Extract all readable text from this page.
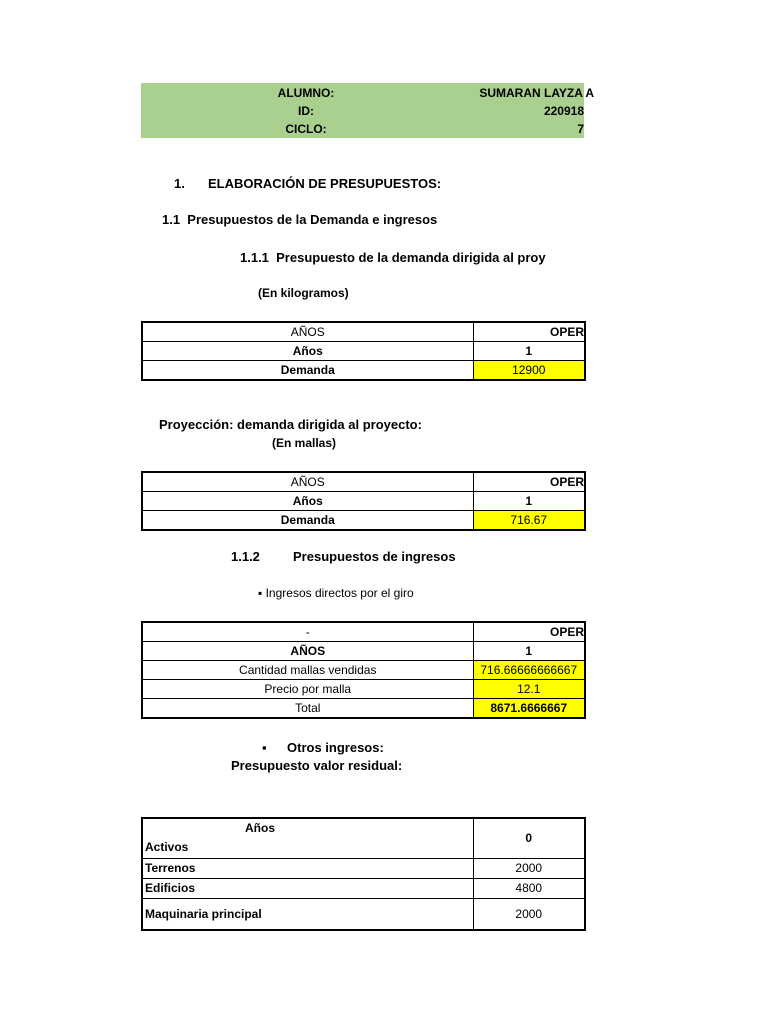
ALUMNO:	SUMARAN LAYZA A
ID:	220918
CICLO:	7
1. ELABORACIÓN DE PRESUPUESTOS:
1.1  Presupuestos de la Demanda e ingresos
1.1.1  Presupuesto de la demanda dirigida al proy
(En kilogramos)
AÑOS	OPER
Años	1
Demanda	12900
Proyección: demanda dirigida al proyecto:
(En mallas)
AÑOS	OPER
Años	1
Demanda	716.67
1.1.2	Presupuestos de ingresos
▪ Ingresos directos por el giro
-	OPER
AÑOS	1
Cantidad mallas vendidas	716.66666666667
Precio por malla	12.1
Total	8671.6666667
▪ Otros ingresos:
Presupuesto valor residual:
Años
Activos	0
Terrenos	2000
Edificios	4800
Maquinaria principal	2000
